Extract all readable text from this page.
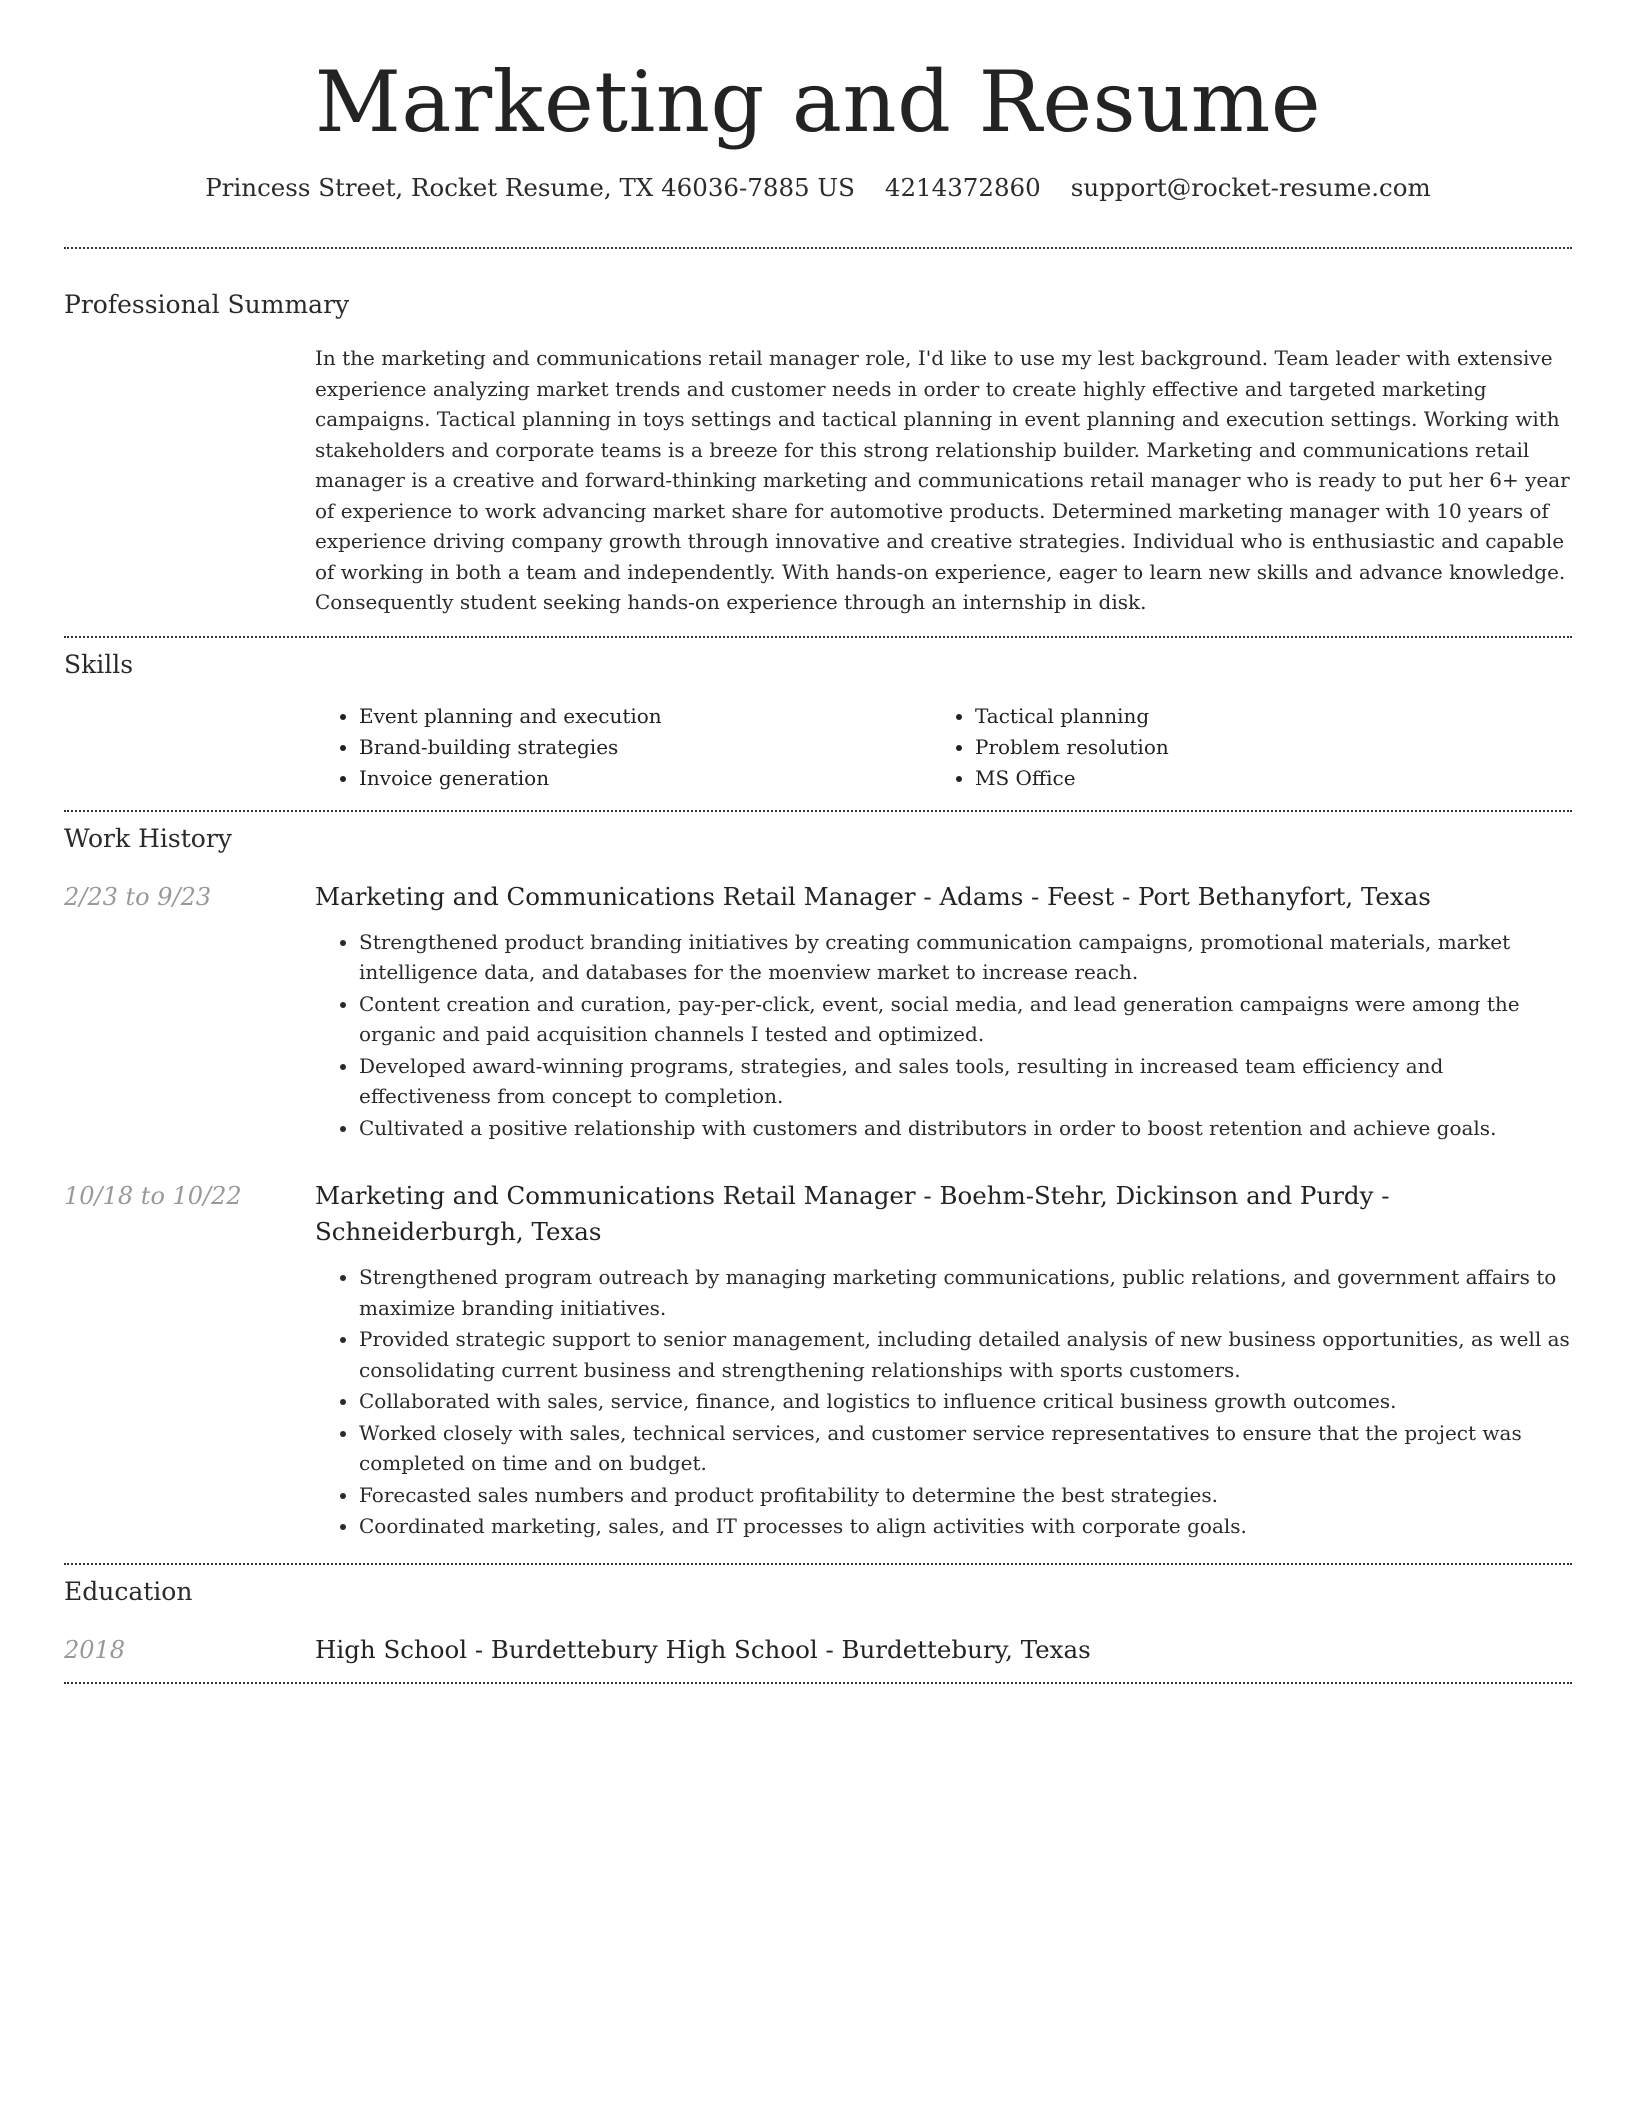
Marketing and Resume
Princess Street, Rocket Resume, TX 46036-7885 US 4214372860 support@rocket-resume.com
Professional Summary

In the marketing and communications retail manager role, I'd like to use my lest background. Team leader with extensive experience analyzing market trends and customer needs in order to create highly effective and targeted marketing campaigns. Tactical planning in toys settings and tactical planning in event planning and execution settings. Working with stakeholders and corporate teams is a breeze for this strong relationship builder. Marketing and communications retail manager is a creative and forward-thinking marketing and communications retail manager who is ready to put her 6+ year of experience to work advancing market share for automotive products. Determined marketing manager with 10 years of experience driving company growth through innovative and creative strategies. Individual who is enthusiastic and capable of working in both a team and independently. With hands-on experience, eager to learn new skills and advance knowledge. Consequently student seeking hands-on experience through an internship in disk.

Skills
• Event planning and execution
• Brand-building strategies
• Invoice generation
• Tactical planning
• Problem resolution
• MS Office
Work History
2/23 to 9/23	Marketing and Communications Retail Manager - Adams - Feest - Port Bethanyfort, Texas
• Strengthened product branding initiatives by creating communication campaigns, promotional materials, market intelligence data, and databases for the moenview market to increase reach.
• Content creation and curation, pay-per-click, event, social media, and lead generation campaigns were among the organic and paid acquisition channels I tested and optimized.
• Developed award-winning programs, strategies, and sales tools, resulting in increased team efficiency and effectiveness from concept to completion.
• Cultivated a positive relationship with customers and distributors in order to boost retention and achieve goals.
10/18 to 10/22	Marketing and Communications Retail Manager - Boehm-Stehr, Dickinson and Purdy - Schneiderburgh, Texas
• Strengthened program outreach by managing marketing communications, public relations, and government affairs to maximize branding initiatives.
• Provided strategic support to senior management, including detailed analysis of new business opportunities, as well as consolidating current business and strengthening relationships with sports customers.
• Collaborated with sales, service, finance, and logistics to influence critical business growth outcomes.
• Worked closely with sales, technical services, and customer service representatives to ensure that the project was completed on time and on budget.
• Forecasted sales numbers and product profitability to determine the best strategies.
• Coordinated marketing, sales, and IT processes to align activities with corporate goals.
Education
2018	High School - Burdettebury High School - Burdettebury, Texas
